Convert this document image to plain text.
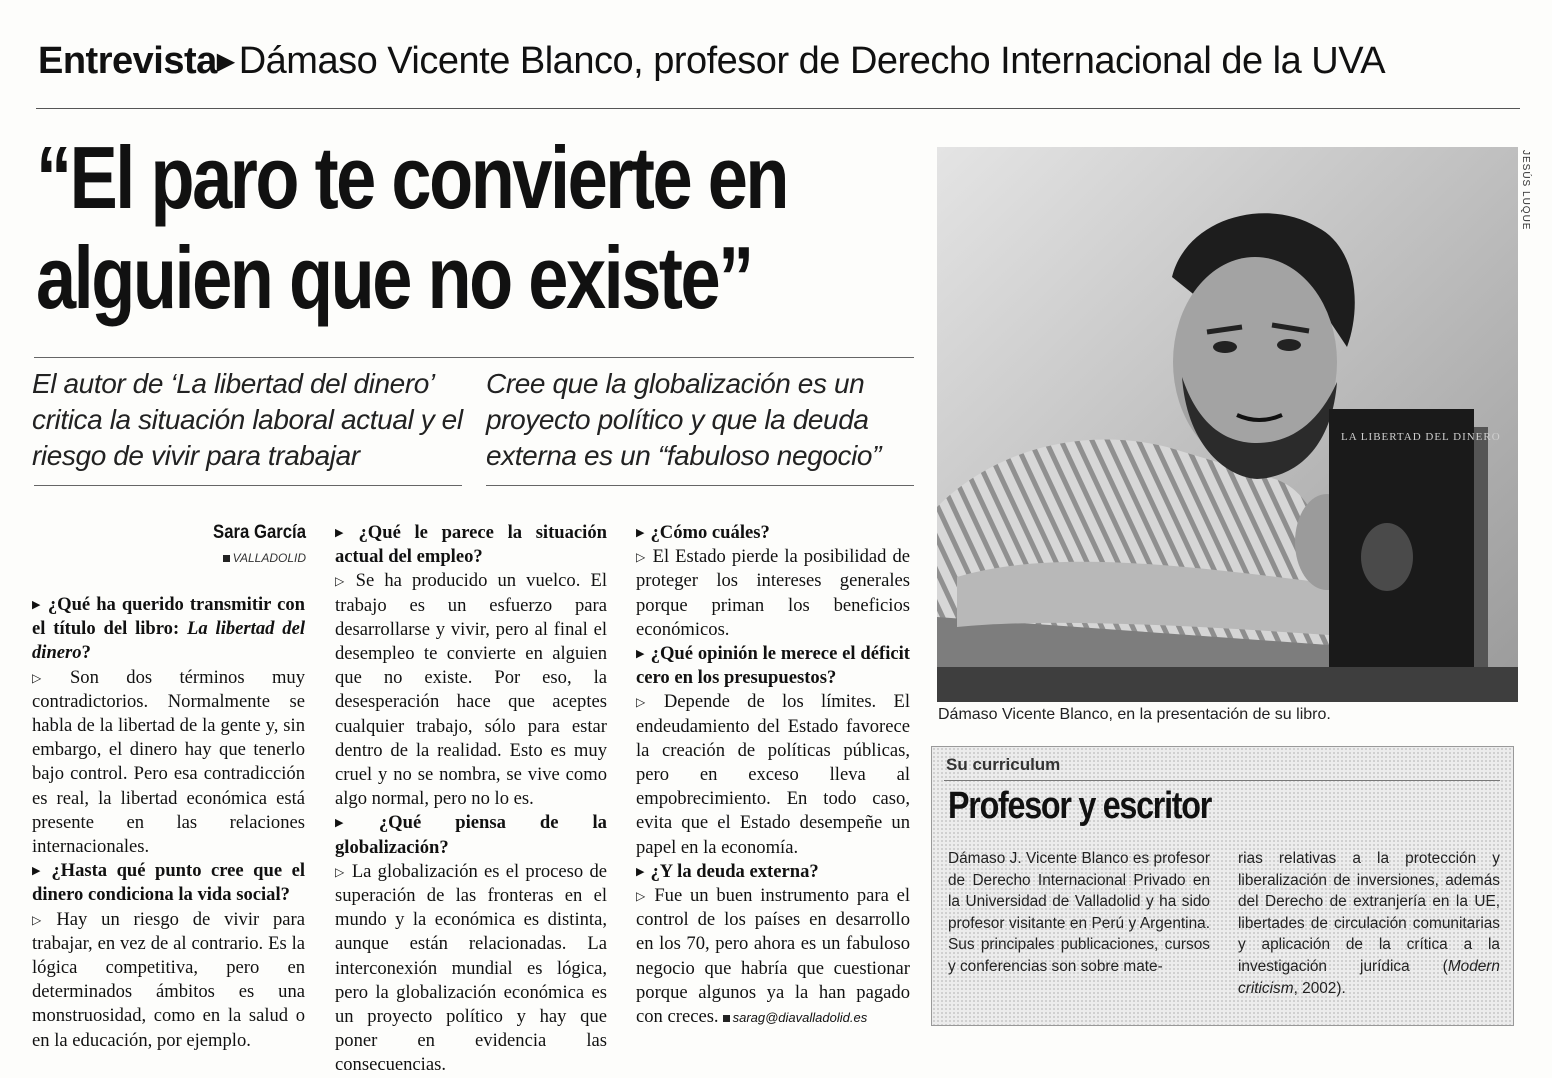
Entrevista▶ Dámaso Vicente Blanco, profesor de Derecho Internacional de la UVA
“El paro te convierte en
alguien que no existe”
El autor de ‘La libertad del dinero’ critica la situación laboral actual y el riesgo de vivir para trabajar
Cree que la globalización es un proyecto político y que la deuda externa es un “fabuloso negocio”
Sara García
VALLADOLID
▶ ¿Qué ha querido transmitir con el título del libro: La libertad del dinero?
▷ Son dos términos muy contradictorios. Normalmente se habla de la libertad de la gente y, sin embargo, el dinero hay que tenerlo bajo control. Pero esa contradicción es real, la libertad económica está presente en las relaciones internacionales.
▶ ¿Hasta qué punto cree que el dinero condiciona la vida social?
▷ Hay un riesgo de vivir para trabajar, en vez de al contrario. Es la lógica competitiva, pero en determinados ámbitos es una monstruosidad, como en la salud o en la educación, por ejemplo.
▶ ¿Qué le parece la situación actual del empleo?
▷ Se ha producido un vuelco. El trabajo es un esfuerzo para desarrollarse y vivir, pero al final el desempleo te convierte en alguien que no existe. Por eso, la desesperación hace que aceptes cualquier trabajo, sólo para estar dentro de la realidad. Esto es muy cruel y no se nombra, se vive como algo normal, pero no lo es.
▶ ¿Qué piensa de la globalización?
▷ La globalización es el proceso de superación de las fronteras en el mundo y la económica es distinta, aunque están relacionadas. La interconexión mundial es lógica, pero la globalización económica es un proyecto político y hay que poner en evidencia las consecuencias.
▶ ¿Cómo cuáles?
▷ El Estado pierde la posibilidad de proteger los intereses generales porque priman los beneficios económicos.
▶ ¿Qué opinión le merece el déficit cero en los presupuestos?
▷ Depende de los límites. El endeudamiento del Estado favorece la creación de políticas públicas, pero en exceso lleva al empobrecimiento. En todo caso, evita que el Estado desempeñe un papel en la economía.
▶ ¿Y la deuda externa?
▷ Fue un buen instrumento para el control de los países en desarrollo en los 70, pero ahora es un fabuloso negocio que habría que cuestionar porque algunos ya la han pagado con creces. sarag@diavalladolid.es
LA LIBERTAD DEL DINERO
JESÚS LUQUE
Dámaso Vicente Blanco, en la presentación de su libro.
Su curriculum
Profesor y escritor
Dámaso J. Vicente Blanco es profesor de Derecho Internacional Privado en la Universidad de Valladolid y ha sido profesor visitante en Perú y Argentina. Sus principales publicaciones, cursos y conferencias son sobre mate-
rias relativas a la protección y liberalización de inversiones, además del Derecho de extranjería en la UE, libertades de circulación comunitarias y aplicación de la crítica a la investigación jurídica (Modern criticism, 2002).
